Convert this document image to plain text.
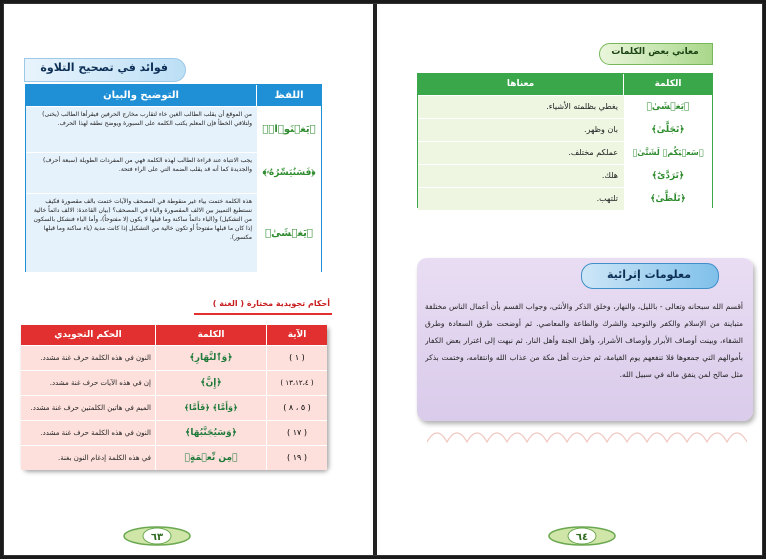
فوائد في تصحيح التلاوة
اللفظ
التوضيح والبيان
﴿يَغۡنَوۡا۟﴾
من الموقع أن يقلب الطالب الغين خاء لتقارب مخارج الحرفين فيقرأها الطالب (يخنى) ولتلافي الخطأ فإن المعلم يكتب الكلمة على السبورة ويوضح نطقه لهذا الحرف.
﴿فَسَنُيَسِّرُهُۥ﴾
يجب الانتباه عند قراءة الطالب لهذه الكلمة فهي من المفردات الطويلة (سبعة أحرف) والجديدة كما أنه قد يقلب الضمة التي على الراء فتحة.
﴿يَغۡشَىٰ﴾
هذه الكلمة ختمت بياء غير منقوطة في المصحف والآيات ختمت بالف مقصورة فكيف نستطيع التمييز بين الالف المقصورة والياء في المصحف؟ (بيان القاعدة: الالف دائماً خالية من التشكيل) و(الياء دائماً ساكنة وما قبلها لا يكون إلا مفتوحاً)، وأما الياء فنشكل بالسكون إذا كان ما قبلها مفتوحاً أو تكون خالية من التشكيل إذا كانت مدية (ياء ساكنة وما قبلها مكسور).
أحكام تجويدية مختارة ( الغنة )
الآية
الكلمة
الحكم التجويدي
( ١ )
﴿وَٱلنَّهَارِ﴾
النون في هذه الكلمة حرف غنة مشدد.
( ١٣،١٢،٤ )
﴿إِنَّ﴾
إن في هذه الآيات حرف غنة مشدد.
( ٥ ، ٨ )
﴿وَأَمَّا﴾ ﴿فَأَمَّا﴾
الميم في هاتين الكلمتين حرف غنة مشدد.
( ١٧ )
﴿وَسَيُجَنَّبُهَا﴾
النون في هذه الكلمة حرف غنة مشدد.
( ١٩ )
﴿مِن نِّعۡمَةٍ﴾
في هذه الكلمة إدغام النون بغنة.
٦٣
معاني بعض الكلمات
الكلمة
معناها
﴿يَغۡشَىٰ﴾
يغطي بظلمته الأشياء.
﴿تَجَلَّىٰ﴾
بان وظهر.
﴿سَعۡيَكُمۡ لَشَتَّىٰ﴾
عملكم مختلف.
﴿تَرَدَّىٰٓ﴾
هلك.
﴿تَلَظَّىٰ﴾
تلتهب.
معلومات إثرائية
أقسم الله سبحانه وتعالى - بالليل، والنهار، وخلق الذكر والأنثى، وجواب القسم بأن أعمال الناس مختلفة متباينة من الإسلام والكفر والتوحيد والشرك والطاعة والمعاصي. ثم أوضحت طرق السعادة وطرق الشقاء، وبينت أوصاف الأبرار وأوصاف الأشرار، وأهل الجنة وأهل النار. ثم نبهت إلى اغترار بعض الكفار بأموالهم التي جمعوها فلا تنفعهم يوم القيامة، ثم حذرت أهل مكة من عذاب الله وانتقامه، وختمت بذكر مثل صالح لمن ينفق ماله في سبيل الله.
٦٤
